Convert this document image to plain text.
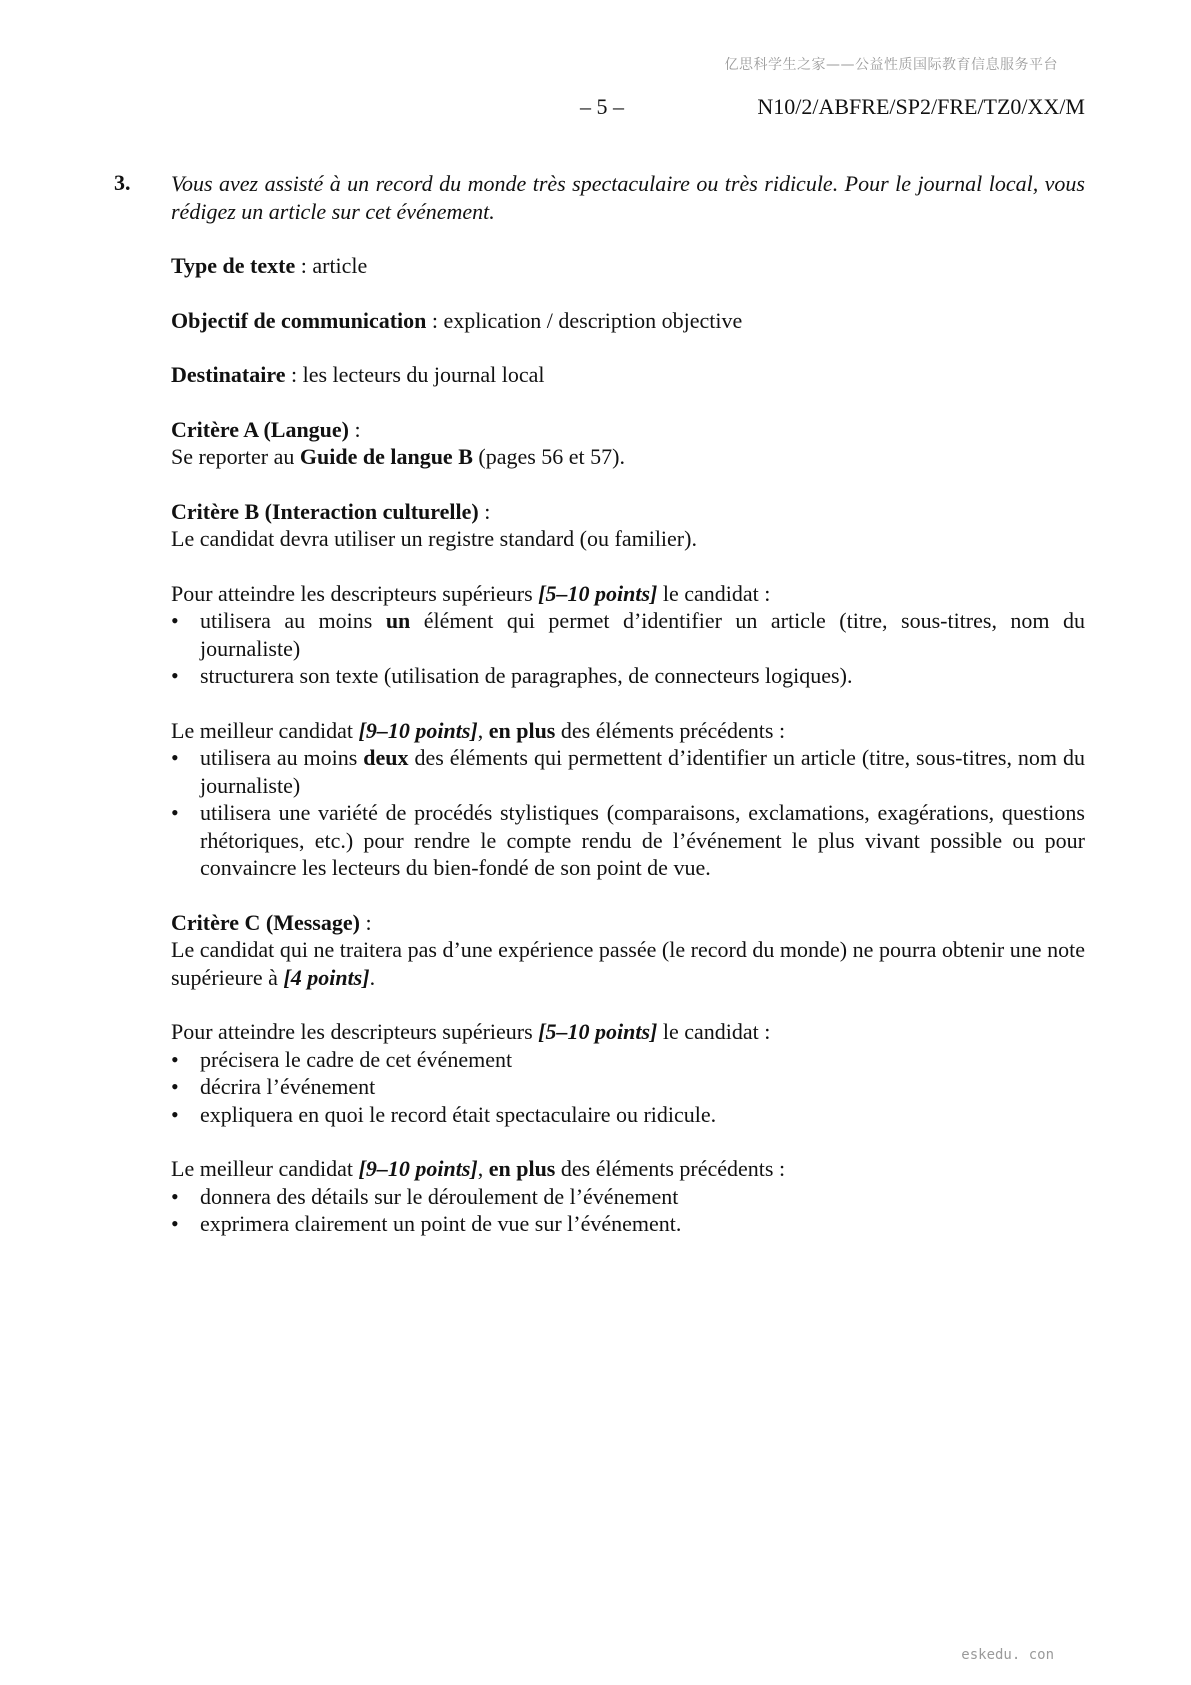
亿思科学生之家——公益性质国际教育信息服务平台
– 5 –	N10/2/ABFRE/SP2/FRE/TZ0/XX/M
3. Vous avez assisté à un record du monde très spectaculaire ou très ridicule. Pour le journal local, vous rédigez un article sur cet événement.

Type de texte : article

Objectif de communication : explication / description objective

Destinataire : les lecteurs du journal local

Critère A (Langue) :

Se reporter au Guide de langue B (pages 56 et 57).

Critère B (Interaction culturelle) :

Le candidat devra utiliser un registre standard (ou familier).

Pour atteindre les descripteurs supérieurs [5–10 points] le candidat :

• utilisera au moins un élément qui permet d’identifier un article (titre, sous-titres, nom du journaliste)
• structurera son texte (utilisation de paragraphes, de connecteurs logiques).

Le meilleur candidat [9–10 points], en plus des éléments précédents :

• utilisera au moins deux des éléments qui permettent d’identifier un article (titre, sous-titres, nom du journaliste)
• utilisera une variété de procédés stylistiques (comparaisons, exclamations, exagérations, questions rhétoriques, etc.) pour rendre le compte rendu de l’événement le plus vivant possible ou pour convaincre les lecteurs du bien-fondé de son point de vue.

Critère C (Message) :

Le candidat qui ne traitera pas d’une expérience passée (le record du monde) ne pourra obtenir une note supérieure à [4 points].

Pour atteindre les descripteurs supérieurs [5–10 points] le candidat :

• précisera le cadre de cet événement
• décrira l’événement
• expliquera en quoi le record était spectaculaire ou ridicule.

Le meilleur candidat [9–10 points], en plus des éléments précédents :

• donnera des détails sur le déroulement de l’événement
• exprimera clairement un point de vue sur l’événement.
eskedu. con
